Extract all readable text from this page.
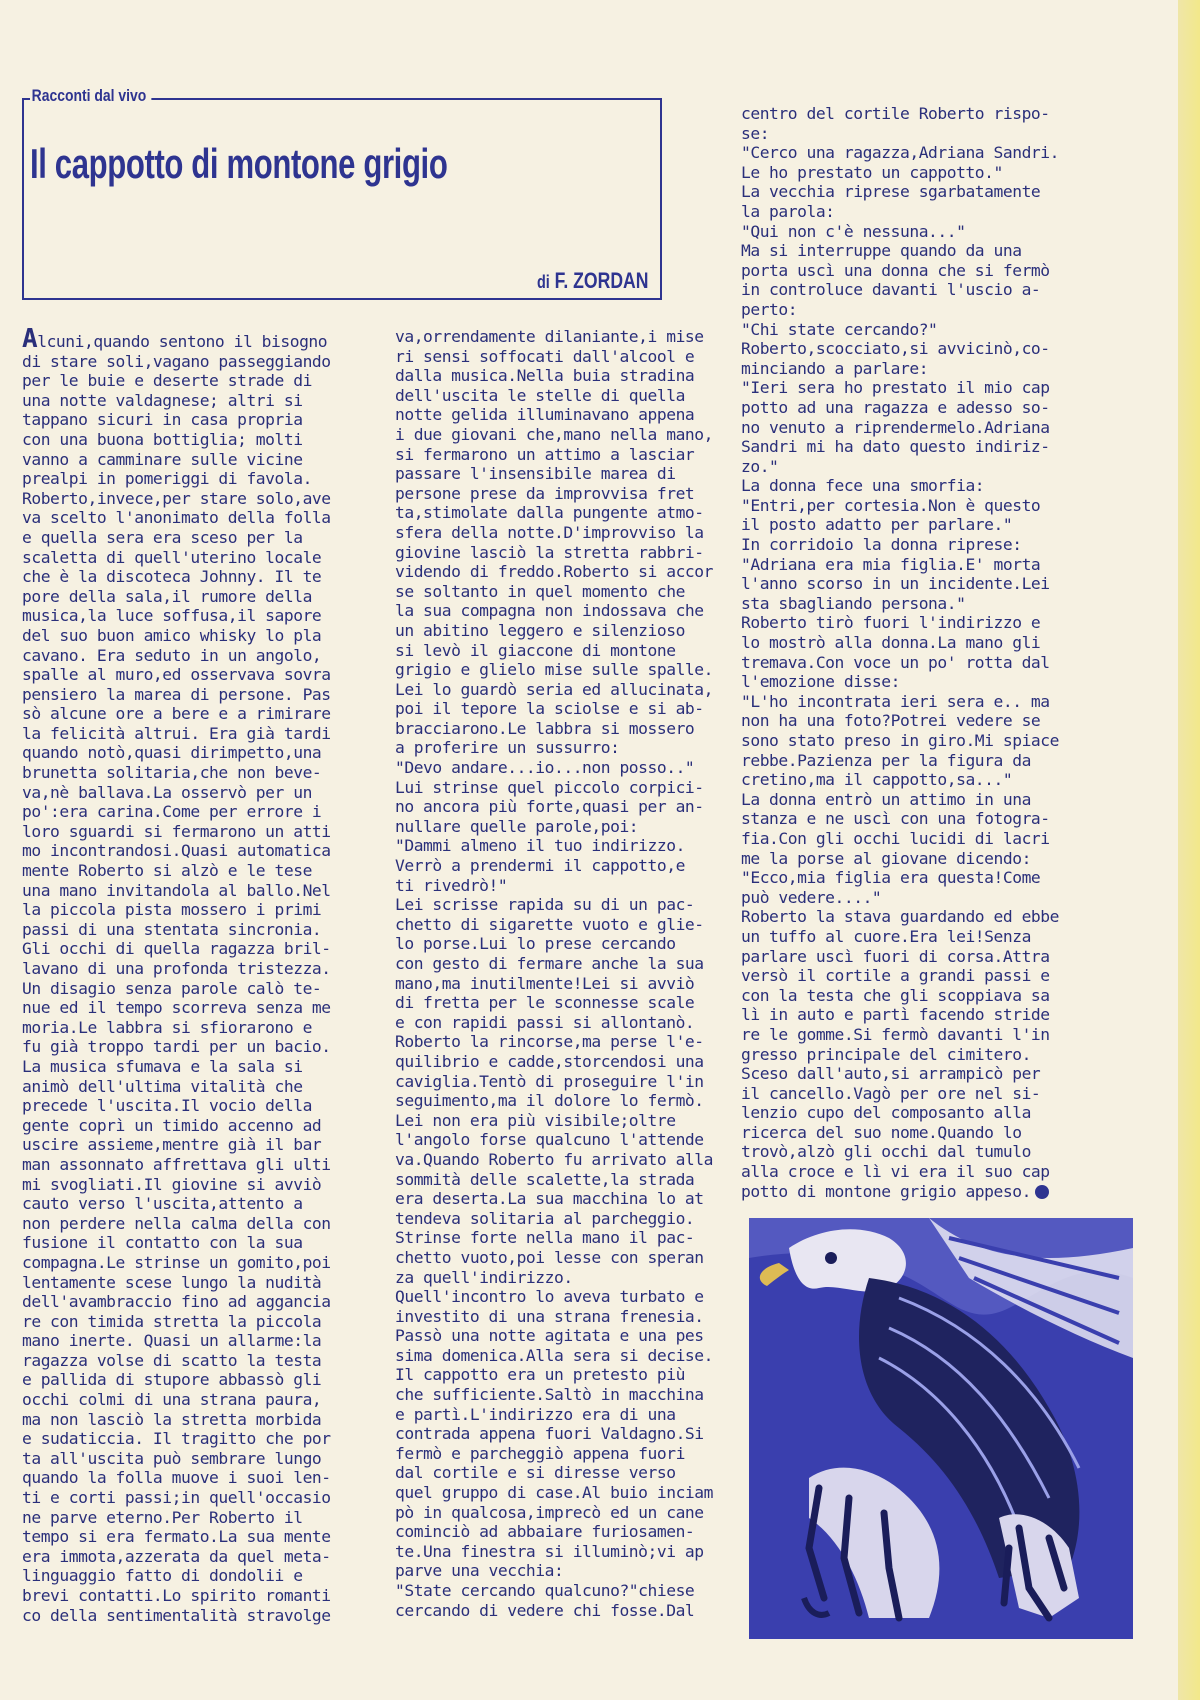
Racconti dal vivo
Il cappotto di montone grigio
di F. ZORDAN
Alcuni,quando sentono il bisogno
di stare soli,vagano passeggiando
per le buie e deserte strade di
una notte valdagnese; altri si
tappano sicuri in casa propria
con una buona bottiglia; molti
vanno a camminare sulle vicine
prealpi in pomeriggi di favola.
Roberto,invece,per stare solo,ave
va scelto l'anonimato della folla
e quella sera era sceso per la
scaletta di quell'uterino locale
che è la discoteca Johnny. Il te
pore della sala,il rumore della
musica,la luce soffusa,il sapore
del suo buon amico whisky lo pla
cavano. Era seduto in un angolo,
spalle al muro,ed osservava sovra
pensiero la marea di persone. Pas
sò alcune ore a bere e a rimirare
la felicità altrui. Era già tardi
quando notò,quasi dirimpetto,una
brunetta solitaria,che non beve-
va,nè ballava.La osservò per un
po':era carina.Come per errore i
loro sguardi si fermarono un atti
mo incontrandosi.Quasi automatica
mente Roberto si alzò e le tese
una mano invitandola al ballo.Nel
la piccola pista mossero i primi
passi di una stentata sincronia.
Gli occhi di quella ragazza bril-
lavano di una profonda tristezza.
Un disagio senza parole calò te-
nue ed il tempo scorreva senza me
moria.Le labbra si sfiorarono e
fu già troppo tardi per un bacio.
La musica sfumava e la sala si
animò dell'ultima vitalità che
precede l'uscita.Il vocio della
gente coprì un timido accenno ad
uscire assieme,mentre già il bar
man assonnato affrettava gli ulti
mi svogliati.Il giovine si avviò
cauto verso l'uscita,attento a
non perdere nella calma della con
fusione il contatto con la sua
compagna.Le strinse un gomito,poi
lentamente scese lungo la nudità
dell'avambraccio fino ad aggancia
re con timida stretta la piccola
mano inerte. Quasi un allarme:la
ragazza volse di scatto la testa
e pallida di stupore abbassò gli
occhi colmi di una strana paura,
ma non lasciò la stretta morbida
e sudaticcia. Il tragitto che por
ta all'uscita può sembrare lungo
quando la folla muove i suoi len-
ti e corti passi;in quell'occasio
ne parve eterno.Per Roberto il
tempo si era fermato.La sua mente
era immota,azzerata da quel meta-
linguaggio fatto di dondolii e
brevi contatti.Lo spirito romanti
co della sentimentalità stravolge
va,orrendamente dilaniante,i mise
ri sensi soffocati dall'alcool e
dalla musica.Nella buia stradina
dell'uscita le stelle di quella
notte gelida illuminavano appena
i due giovani che,mano nella mano,
si fermarono un attimo a lasciar
passare l'insensibile marea di
persone prese da improvvisa fret
ta,stimolate dalla pungente atmo-
sfera della notte.D'improvviso la
giovine lasciò la stretta rabbri-
videndo di freddo.Roberto si accor
se soltanto in quel momento che
la sua compagna non indossava che
un abitino leggero e silenzioso
si levò il giaccone di montone
grigio e glielo mise sulle spalle.
Lei lo guardò seria ed allucinata,
poi il tepore la sciolse e si ab-
bracciarono.Le labbra si mossero
a proferire un sussurro:
"Devo andare...io...non posso.."
Lui strinse quel piccolo corpici-
no ancora più forte,quasi per an-
nullare quelle parole,poi:
"Dammi almeno il tuo indirizzo.
Verrò a prendermi il cappotto,e
ti rivedrò!"
Lei scrisse rapida su di un pac-
chetto di sigarette vuoto e glie-
lo porse.Lui lo prese cercando
con gesto di fermare anche la sua
mano,ma inutilmente!Lei si avviò
di fretta per le sconnesse scale
e con rapidi passi si allontanò.
Roberto la rincorse,ma perse l'e-
quilibrio e cadde,storcendosi una
caviglia.Tentò di proseguire l'in
seguimento,ma il dolore lo fermò.
Lei non era più visibile;oltre
l'angolo forse qualcuno l'attende
va.Quando Roberto fu arrivato alla
sommità delle scalette,la strada
era deserta.La sua macchina lo at
tendeva solitaria al parcheggio.
Strinse forte nella mano il pac-
chetto vuoto,poi lesse con speran
za quell'indirizzo.
Quell'incontro lo aveva turbato e
investito di una strana frenesia.
Passò una notte agitata e una pes
sima domenica.Alla sera si decise.
Il cappotto era un pretesto più
che sufficiente.Saltò in macchina
e partì.L'indirizzo era di una
contrada appena fuori Valdagno.Si
fermò e parcheggiò appena fuori
dal cortile e si diresse verso
quel gruppo di case.Al buio inciam
pò in qualcosa,imprecò ed un cane
cominciò ad abbaiare furiosamen-
te.Una finestra si illuminò;vi ap
parve una vecchia:
"State cercando qualcuno?"chiese
cercando di vedere chi fosse.Dal
centro del cortile Roberto rispo-
se:
"Cerco una ragazza,Adriana Sandri.
Le ho prestato un cappotto."
La vecchia riprese sgarbatamente
la parola:
"Qui non c'è nessuna..."
Ma si interruppe quando da una
porta uscì una donna che si fermò
in controluce davanti l'uscio a-
perto:
"Chi state cercando?"
Roberto,scocciato,si avvicinò,co-
minciando a parlare:
"Ieri sera ho prestato il mio cap
potto ad una ragazza e adesso so-
no venuto a riprendermelo.Adriana
Sandri mi ha dato questo indiriz-
zo."
La donna fece una smorfia:
"Entri,per cortesia.Non è questo
il posto adatto per parlare."
In corridoio la donna riprese:
"Adriana era mia figlia.E' morta
l'anno scorso in un incidente.Lei
sta sbagliando persona."
Roberto tirò fuori l'indirizzo e
lo mostrò alla donna.La mano gli
tremava.Con voce un po' rotta dal
l'emozione disse:
"L'ho incontrata ieri sera e.. ma
non ha una foto?Potrei vedere se
sono stato preso in giro.Mi spiace
rebbe.Pazienza per la figura da
cretino,ma il cappotto,sa..."
La donna entrò un attimo in una
stanza e ne uscì con una fotogra-
fia.Con gli occhi lucidi di lacri
me la porse al giovane dicendo:
"Ecco,mia figlia era questa!Come
può vedere...."
Roberto la stava guardando ed ebbe
un tuffo al cuore.Era lei!Senza
parlare uscì fuori di corsa.Attra
versò il cortile a grandi passi e
con la testa che gli scoppiava sa
lì in auto e partì facendo stride
re le gomme.Si fermò davanti l'in
gresso principale del cimitero.
Sceso dall'auto,si arrampicò per
il cancello.Vagò per ore nel si-
lenzio cupo del composanto alla
ricerca del suo nome.Quando lo
trovò,alzò gli occhi dal tumulo
alla croce e lì vi era il suo cap
potto di montone grigio appeso.
